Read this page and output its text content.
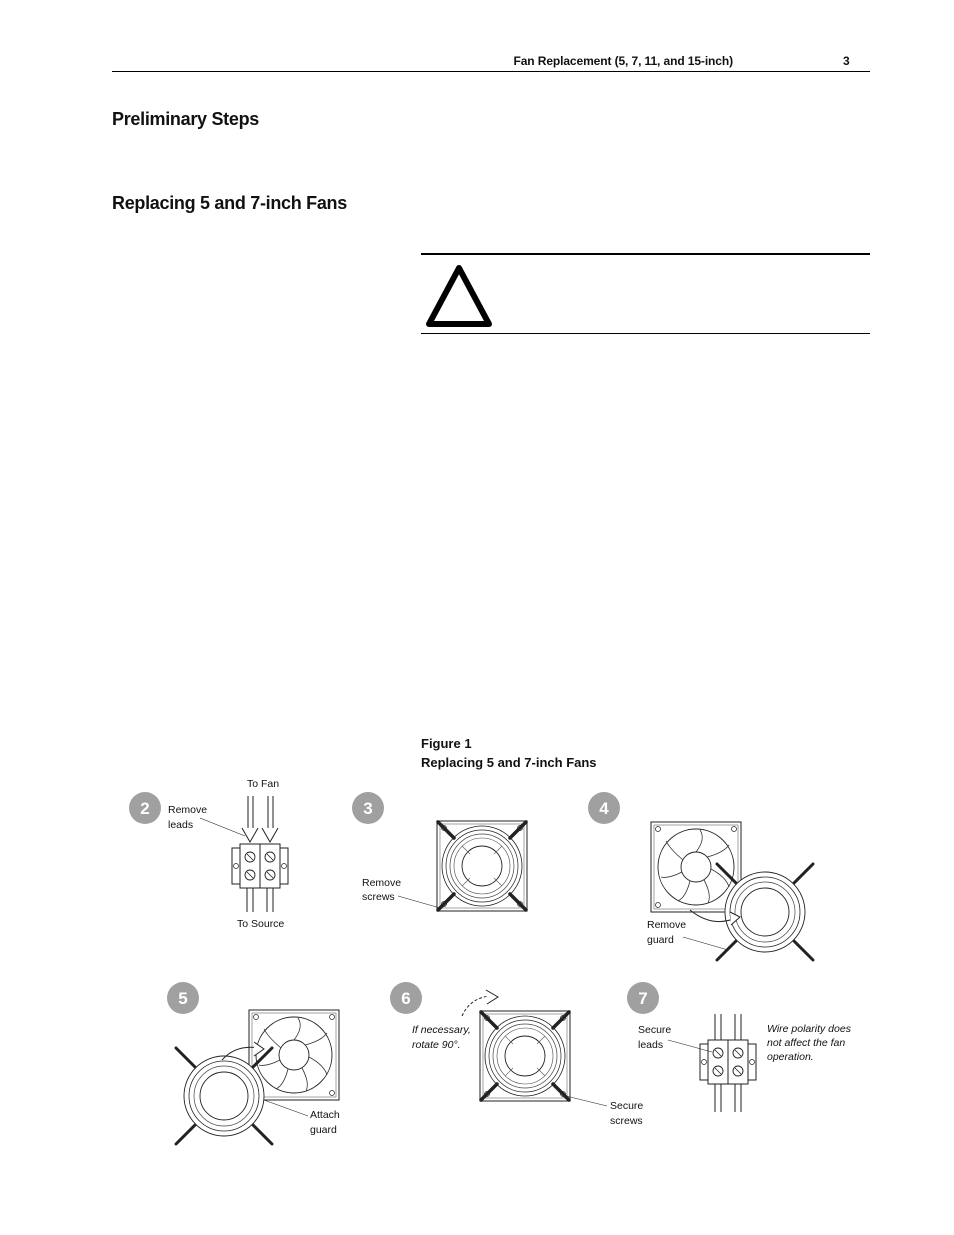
Fan Replacement (5, 7, 11, and 15-inch)	3
Preliminary Steps
Replacing 5 and 7-inch Fans
Figure 1
Replacing 5 and 7-inch Fans
2
To Fan
Remove
leads
To Source
3
Remove
screws
4
Remove
guard
5
Attach
guard
6
If necessary,
rotate 90°.
Secure
screws
7
Secure
leads
Wire polarity does
not affect the fan
operation.
